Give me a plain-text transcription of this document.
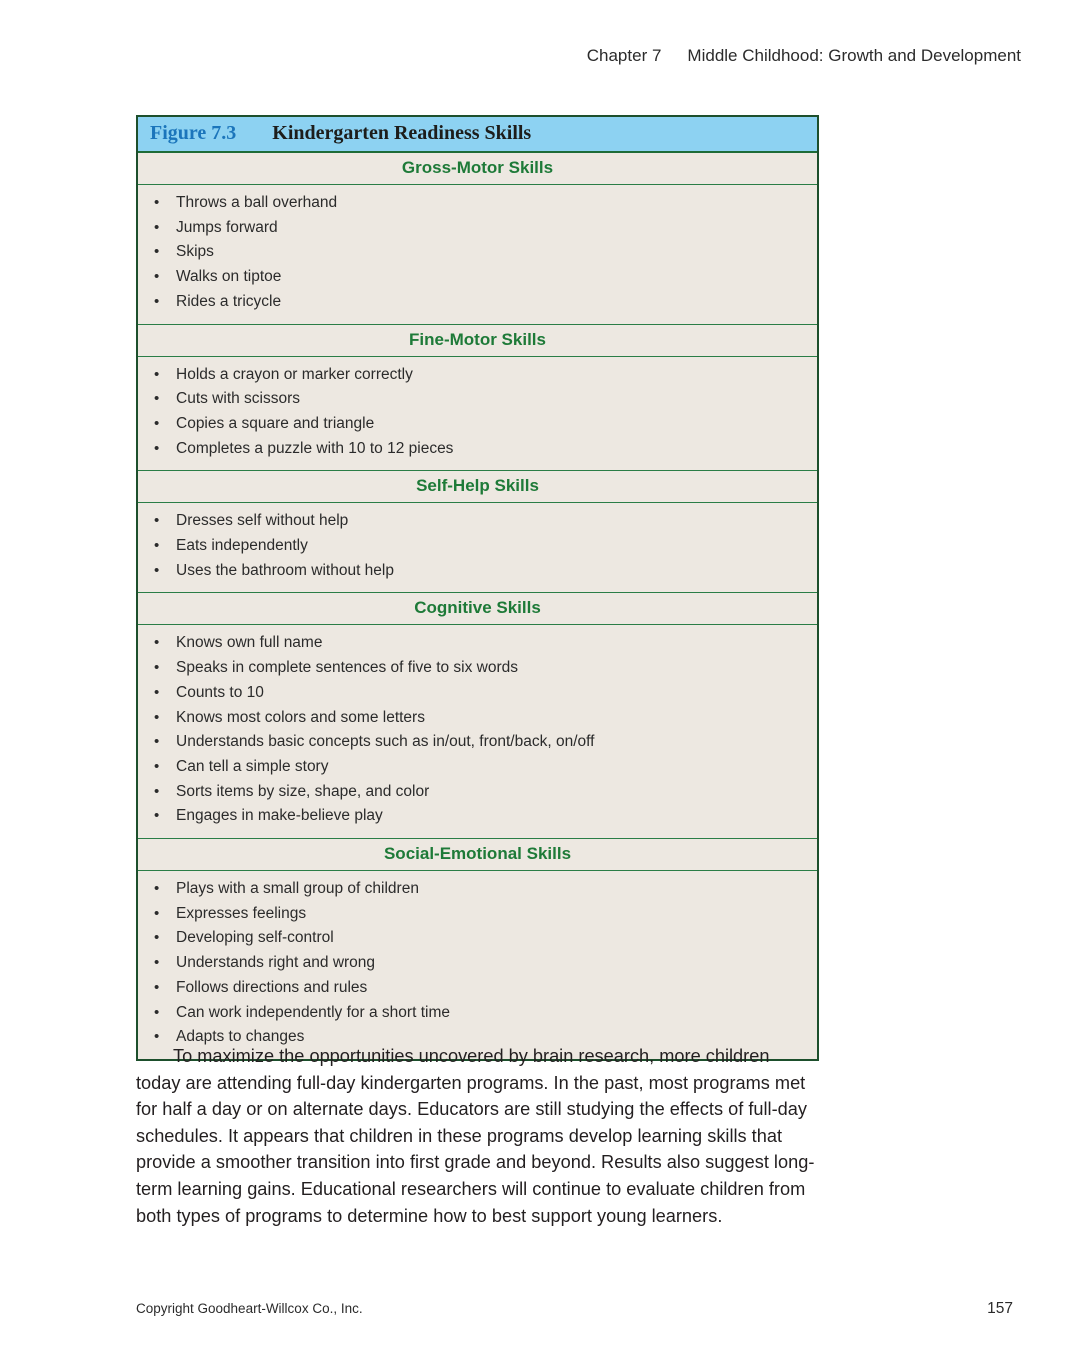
Chapter 7 Middle Childhood: Growth and Development
Figure 7.3 Kindergarten Readiness Skills
Gross-Motor Skills
• Throws a ball overhand
• Jumps forward
• Skips
• Walks on tiptoe
• Rides a tricycle
Fine-Motor Skills
• Holds a crayon or marker correctly
• Cuts with scissors
• Copies a square and triangle
• Completes a puzzle with 10 to 12 pieces
Self-Help Skills
• Dresses self without help
• Eats independently
• Uses the bathroom without help
Cognitive Skills
• Knows own full name
• Speaks in complete sentences of five to six words
• Counts to 10
• Knows most colors and some letters
• Understands basic concepts such as in/out, front/back, on/off
• Can tell a simple story
• Sorts items by size, shape, and color
• Engages in make-believe play
Social-Emotional Skills
• Plays with a small group of children
• Expresses feelings
• Developing self-control
• Understands right and wrong
• Follows directions and rules
• Can work independently for a short time
• Adapts to changes

To maximize the opportunities uncovered by brain research, more children today are attending full-day kindergarten programs. In the past, most programs met for half a day or on alternate days. Educators are still studying the effects of full-day schedules. It appears that children in these programs develop learning skills that provide a smoother transition into first grade and beyond. Results also suggest long-term learning gains. Educational researchers will continue to evaluate children from both types of programs to determine how to best support young learners.

Copyright Goodheart-Willcox Co., Inc.	157
